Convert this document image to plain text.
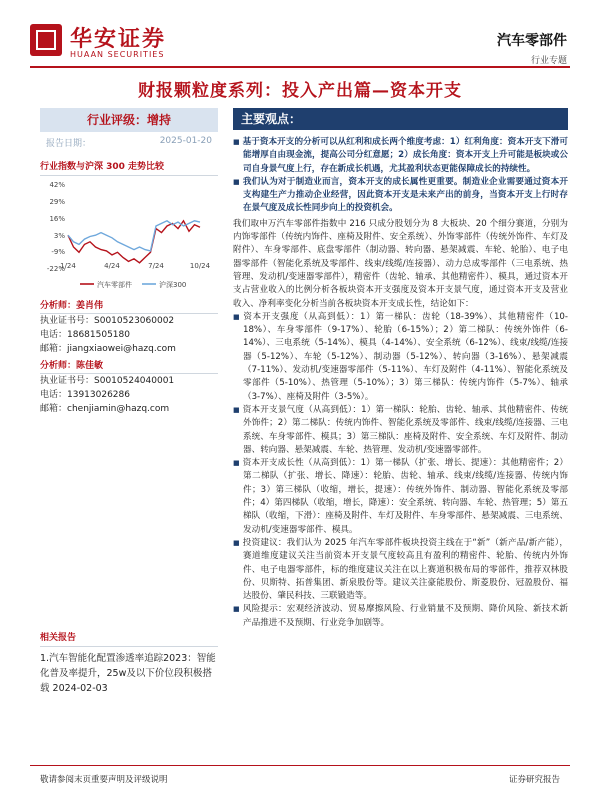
华安证券
HUAAN SECURITIES
汽车零部件
行业专题
财报颗粒度系列：投入产出篇—资本开支
行业评级：增持
报告日期：	2025-01-20
行业指数与沪深 300 走势比较
42%
29%
16%
3%
-9%
-22%
1/24	4/24	7/24	10/24
汽车零部件	沪深300
分析师：姜肖伟
执业证书号：S0010523060002
电话：18681505180
邮箱：jiangxiaowei@hazq.com
分析师：陈佳敏
执业证书号：S0010524040001
电话：13913026286
邮箱：chenjiamin@hazq.com
相关报告
1.汽车智能化配置渗透率追踪2023：智能化普及率提升，25w及以下价位段积极搭载 2024-02-03
主要观点：

■ 基于资本开支的分析可以从红利和成长两个维度考虑：1）红利角度：资本开支下滑可能增厚自由现金流，提高公司分红意愿；2）成长角度：资本开支上升可能是板块或公司自身景气度上行，存在新成长机遇，尤其盈利状态更能保障成长的持续性。

■ 我们认为对于制造业而言，资本开支的成长属性更重要。制造业企业需要通过资本开支构建生产力推动企业经营，因此资本开支是未来产出的前身，当资本开支上行时存在景气度及成长性同步向上的投资机会。

我们取申万汽车零部件指数中 216 只成分股划分为 8 大板块、20 个细分赛道，分别为内饰零部件（传统内饰件、座椅及附件、安全系统）、外饰零部件（传统外饰件、车灯及附件）、车身零部件、底盘零部件（制动器、转向器、悬架减震、车轮、轮胎）、电子电器零部件（智能化系统及零部件、线束/线缆/连接器）、动力总成零部件（三电系统、热管理、发动机/变速器零部件），精密件（齿轮、轴承、其他精密件）、模具，通过资本开支占营业收入的比例分析各板块资本开支强度及资本开支景气度，通过资本开支及营业收入、净利率变化分析当前各板块资本开支成长性，结论如下：

■ 资本开支强度（从高到低）：1）第一梯队：齿轮（18-39%）、其他精密件（10-18%）、车身零部件（9-17%）、轮胎（6-15%）；2）第二梯队：传统外饰件（6-14%）、三电系统（5-14%）、模具（4-14%）、安全系统（6-12%）、线束/线缆/连接器（5-12%）、车轮（5-12%）、制动器（5-12%）、转向器（3-16%）、悬架减震（7-11%）、发动机/变速器零部件（5-11%）、车灯及附件（4-11%）、智能化系统及零部件（5-10%）、热管理（5-10%）；3）第三梯队：传统内饰件（5-7%）、轴承（3-7%）、座椅及附件（3-5%）。

■ 资本开支景气度（从高到低）：1）第一梯队：轮胎、齿轮、轴承、其他精密件、传统外饰件；2）第二梯队：传统内饰件、智能化系统及零部件、线束/线缆/连接器、三电系统、车身零部件、模具；3）第三梯队：座椅及附件、安全系统、车灯及附件、制动器、转向器、悬架减震、车轮、热管理、发动机/变速器零部件。

■ 资本开支成长性（从高到低）：1）第一梯队（扩张、增长、提速）：其他精密件；2）第二梯队（扩张、增长、降速）：轮胎、齿轮、轴承、线束/线缆/连接器、传统内饰件；3）第三梯队（收缩，增长，提速）：传统外饰件、制动器、智能化系统及零部件；4）第四梯队（收缩，增长，降速）：安全系统、转向器、车轮、热管理；5）第五梯队（收缩，下滑）：座椅及附件、车灯及附件、车身零部件、悬架减震、三电系统、发动机/变速器零部件、模具。

■ 投资建议：我们认为 2025 年汽车零部件板块投资主线在于“新”（新产品/新产能），赛道维度建议关注当前资本开支景气度较高且有盈利的精密件、轮胎、传统内外饰件、电子电器零部件，标的维度建议关注在以上赛道积极布局的零部件，推荐双林股份、贝斯特、拓普集团、新泉股份等。建议关注豪能股份、斯菱股份、冠盈股份、福达股份、肇民科技、三联锻造等。

■ 风险提示：宏观经济波动、贸易摩擦风险、行业销量不及预期、降价风险、新技术新产品推进不及预期、行业竞争加剧等。

敬请参阅末页重要声明及评级说明	证券研究报告
